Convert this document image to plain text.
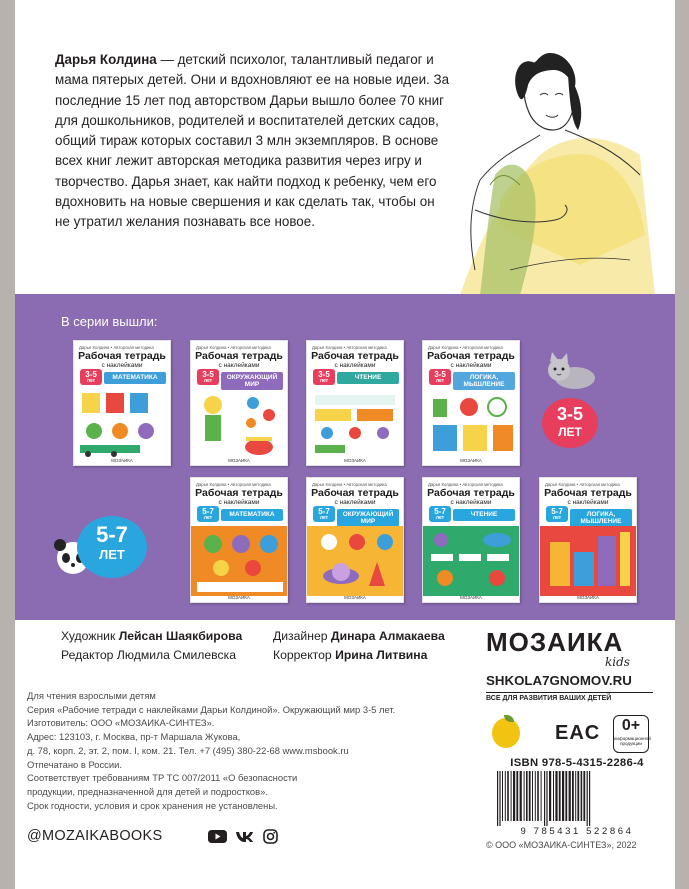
Дарья Колдина — детский психолог, талантливый педагог и мама пятерых детей. Они и вдохновляют ее на новые идеи. За последние 15 лет под авторством Дарьи вышло более 70 книг для дошкольников, родителей и воспитателей детских садов, общий тираж которых составил 3 млн экземпляров. В основе всех книг лежит авторская методика развития через игру и творчество. Дарья знает, как найти подход к ребенку, чем его вдохновить на новые свершения и как сделать так, чтобы он не утратил желания познавать все новое.
В серии вышли:
Дарья Колдина • Авторская методика
Рабочая тетрадь
с наклейками
3-5
лет	МАТЕМАТИКА
МОЗАИКА
Дарья Колдина • Авторская методика
Рабочая тетрадь
с наклейками
3-5
лет	ОКРУЖАЮЩИЙ МИР
МОЗАИКА
Дарья Колдина • Авторская методика
Рабочая тетрадь
с наклейками
3-5
лет	ЧТЕНИЕ
МОЗАИКА
Дарья Колдина • Авторская методика
Рабочая тетрадь
с наклейками
3-5
лет	ЛОГИКА, МЫШЛЕНИЕ
МОЗАИКА
Дарья Колдина • Авторская методика
Рабочая тетрадь
с наклейками
5-7
лет	МАТЕМАТИКА
МОЗАИКА
Дарья Колдина • Авторская методика
Рабочая тетрадь
с наклейками
5-7
лет	ОКРУЖАЮЩИЙ МИР
МОЗАИКА
Дарья Колдина • Авторская методика
Рабочая тетрадь
с наклейками
5-7
лет	ЧТЕНИЕ
МОЗАИКА
Дарья Колдина • Авторская методика
Рабочая тетрадь
с наклейками
5-7
лет	ЛОГИКА, МЫШЛЕНИЕ
МОЗАИКА
3-5
ЛЕТ
5-7
ЛЕТ
Художник Лейсан Шаякбирова
Редактор Людмила Смилевска
Дизайнер Динара Алмакаева
Корректор Ирина Литвина	МОЗАИКА
kids
SHKOLA7GNOMOV.RU
ВСЕ ДЛЯ РАЗВИТИЯ ВАШИХ ДЕТЕЙ

Для чтения взрослыми детям

Серия «Рабочие тетради с наклейками Дарьи Колдиной». Окружающий мир 3-5 лет.

Изготовитель: ООО «МОЗАИКА-СИНТЕЗ».

Адрес: 123103, г. Москва, пр-т Маршала Жукова,

д. 78, корп. 2, эт. 2, пом. I, ком. 21. Тел. +7 (495) 380-22-68 www.msbook.ru

Отпечатано в России.

Соответствует требованиям ТР ТС 007/2011 «О безопасности

продукции, предназначенной для детей и подростков».

Срок годности, условия и срок хранения не установлены.

EAC	0+
информационной продукции
ISBN 978-5-4315-2286-4
9 785431 522864
© ООО «МОЗАИКА-СИНТЕЗ», 2022
@MOZAIKABOOKS
